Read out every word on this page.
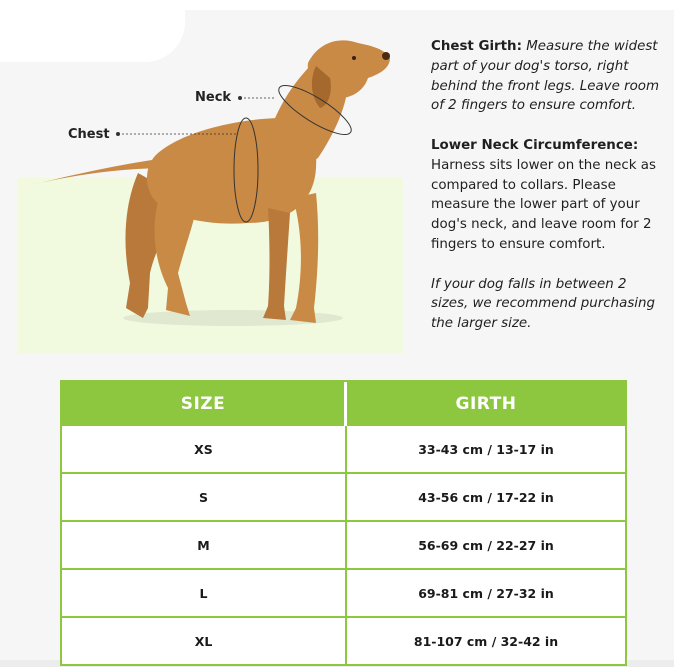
Neck
Chest

Chest Girth: Measure the widest part of your dog's torso, right behind the front legs. Leave room of 2 fingers to ensure comfort.

Lower Neck Circumference:
Harness sits lower on the neck as compared to collars. Please measure the lower part of your dog's neck, and leave room for 2 fingers to ensure comfort.

If your dog falls in between 2 sizes, we recommend purchasing the larger size.

SIZE	GIRTH
XS	33-43 cm / 13-17 in
S	43-56 cm / 17-22 in
M	56-69 cm / 22-27 in
L	69-81 cm / 27-32 in
XL	81-107 cm / 32-42 in
